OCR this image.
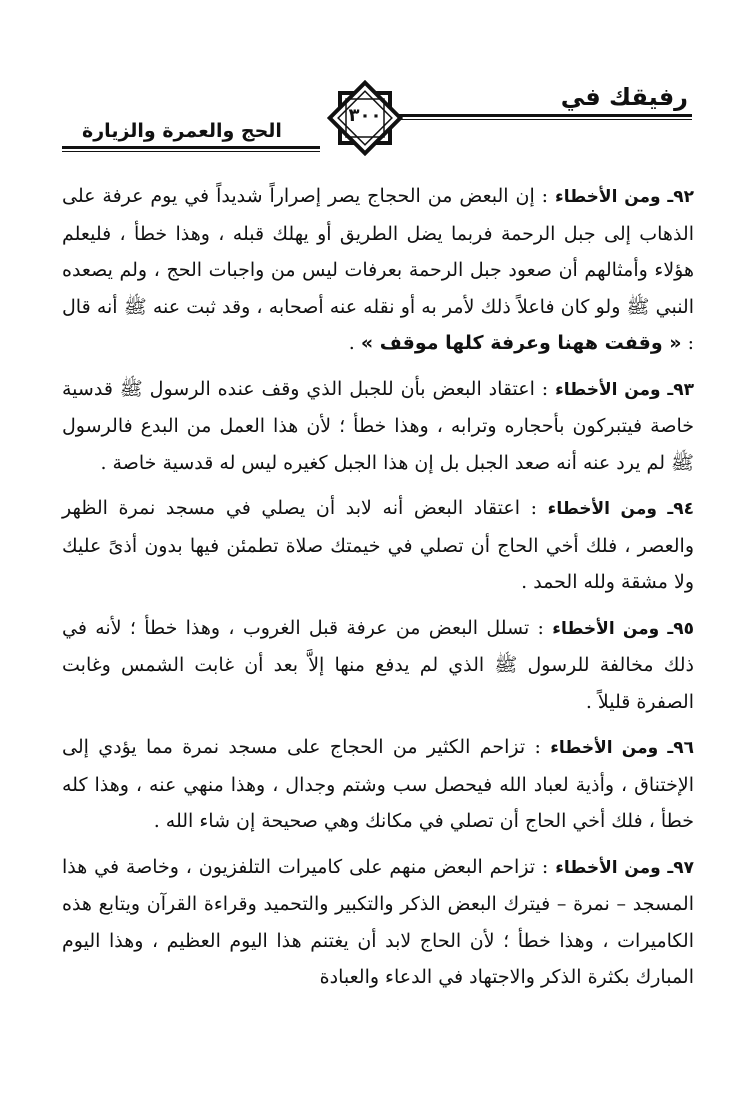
رفيقك في
٣٠٠
الحج والعمرة والزيارة

٩٢ـ ومن الأخطاء : إن البعض من الحجاج يصر إصراراً شديداً في يوم عرفة على الذهاب إلى جبل الرحمة فربما يضل الطريق أو يهلك قبله ، وهذا خطأ ، فليعلم هؤلاء وأمثالهم أن صعود جبل الرحمة بعرفات ليس من واجبات الحج ، ولم يصعده النبي ﷺ ولو كان فاعلاً ذلك لأمر به أو نقله عنه أصحابه ، وقد ثبت عنه ﷺ أنه قال : « وقفت ههنا وعرفة كلها موقف » .

٩٣ـ ومن الأخطاء : اعتقاد البعض بأن للجبل الذي وقف عنده الرسول ﷺ قدسية خاصة فيتبركون بأحجاره وترابه ، وهذا خطأ ؛ لأن هذا العمل من البدع فالرسول ﷺ لم يرد عنه أنه صعد الجبل بل إن هذا الجبل كغيره ليس له قدسية خاصة .

٩٤ـ ومن الأخطاء : اعتقاد البعض أنه لابد أن يصلي في مسجد نمرة الظهر والعصر ، فلك أخي الحاج أن تصلي في خيمتك صلاة تطمئن فيها بدون أذىً عليك ولا مشقة ولله الحمد .

٩٥ـ ومن الأخطاء : تسلل البعض من عرفة قبل الغروب ، وهذا خطأ ؛ لأنه في ذلك مخالفة للرسول ﷺ الذي لم يدفع منها إلاَّ بعد أن غابت الشمس وغابت الصفرة قليلاً .

٩٦ـ ومن الأخطاء : تزاحم الكثير من الحجاج على مسجد نمرة مما يؤدي إلى الإختناق ، وأذية لعباد الله فيحصل سب وشتم وجدال ، وهذا منهي عنه ، وهذا كله خطأ ، فلك أخي الحاج أن تصلي في مكانك وهي صحيحة إن شاء الله .

٩٧ـ ومن الأخطاء : تزاحم البعض منهم على كاميرات التلفزيون ، وخاصة في هذا المسجد – نمرة – فيترك البعض الذكر والتكبير والتحميد وقراءة القرآن ويتابع هذه الكاميرات ، وهذا خطأ ؛ لأن الحاج لابد أن يغتنم هذا اليوم العظيم ، وهذا اليوم المبارك بكثرة الذكر والاجتهاد في الدعاء والعبادة
